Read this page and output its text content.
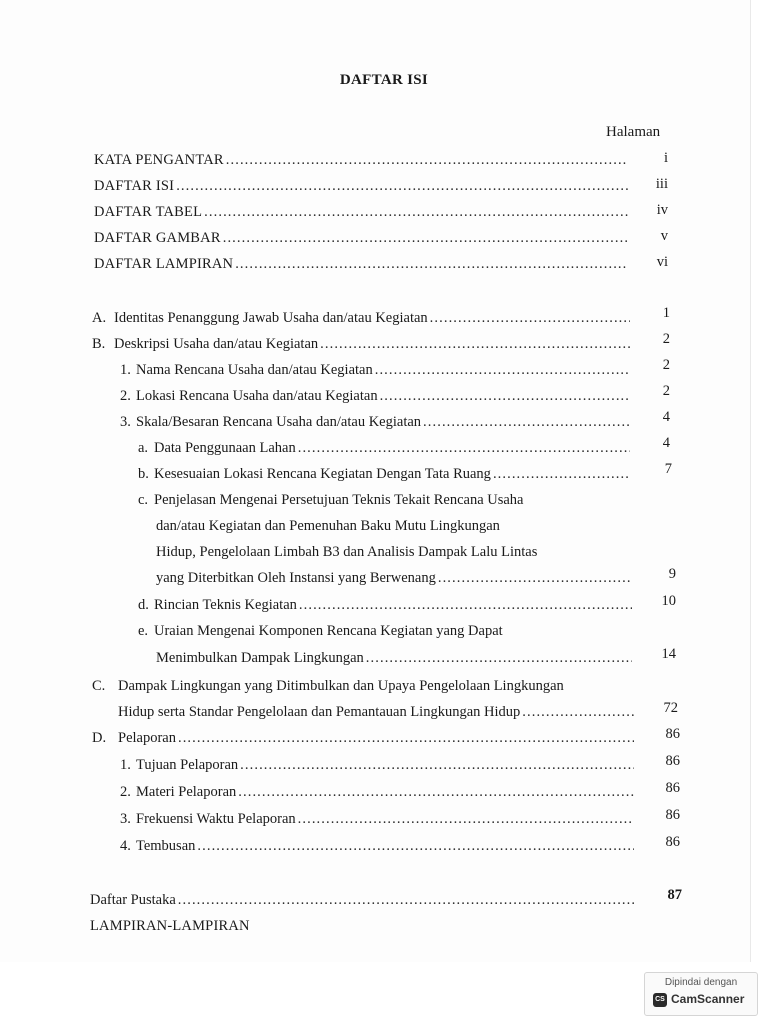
DAFTAR ISI
Halaman
KATA PENGANTAR .....	i
DAFTAR ISI .....	iii
DAFTAR TABEL .....	iv
DAFTAR GAMBAR .....	v
DAFTAR LAMPIRAN .....	vi
A. Identitas Penanggung Jawab Usaha dan/atau Kegiatan .....	1
B. Deskripsi Usaha dan/atau Kegiatan .....	2
1. Nama Rencana Usaha dan/atau Kegiatan .....	2
2. Lokasi Rencana Usaha dan/atau Kegiatan .....	2
3. Skala/Besaran Rencana Usaha dan/atau Kegiatan .....	4
a. Data Penggunaan Lahan .....	4
b. Kesesuaian Lokasi Rencana Kegiatan Dengan Tata Ruang .....	7
c. Penjelasan Mengenai Persetujuan Teknis Tekait Rencana Usaha
dan/atau Kegiatan dan Pemenuhan Baku Mutu Lingkungan
Hidup, Pengelolaan Limbah B3 dan Analisis Dampak Lalu Lintas
yang Diterbitkan Oleh Instansi yang Berwenang .....	9
d. Rincian Teknis Kegiatan .....	10
e. Uraian Mengenai Komponen Rencana Kegiatan yang Dapat
Menimbulkan Dampak Lingkungan .....	14
C. Dampak Lingkungan yang Ditimbulkan dan Upaya Pengelolaan Lingkungan
Hidup serta Standar Pengelolaan dan Pemantauan Lingkungan Hidup .....	72
D. Pelaporan .....	86
1. Tujuan Pelaporan .....	86
2. Materi Pelaporan .....	86
3. Frekuensi Waktu Pelaporan .....	86
4. Tembusan .....	86
Daftar Pustaka .....	87
LAMPIRAN-LAMPIRAN
Dipindai dengan
CS CamScanner
